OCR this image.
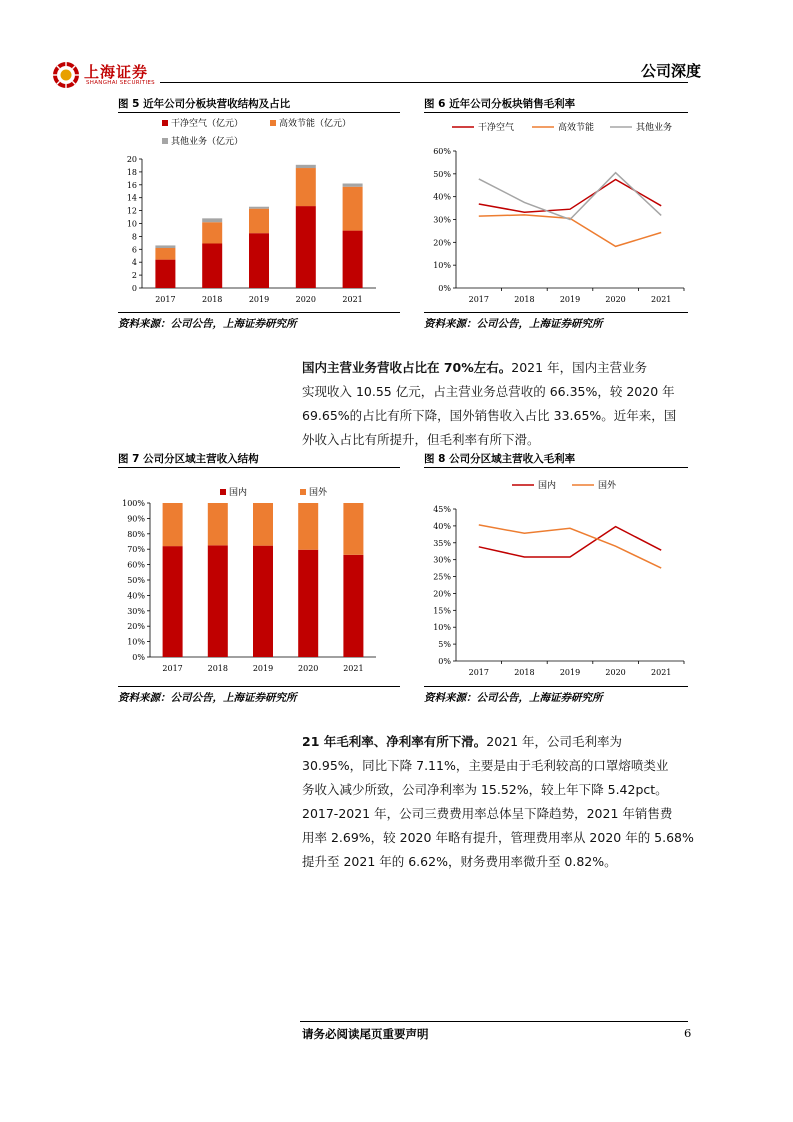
上海证券
SHANGHAI SECURITIES
公司深度
图 5 近年公司分板块营收结构及占比
0
2
4
6
8
10
12
14
16
18
20
2017	2018	2019	2020	2021
干净空气（亿元）	高效节能（亿元）
其他业务（亿元）
资料来源：公司公告，上海证券研究所
图 6 近年公司分板块销售毛利率
0%
10%
20%
30%
40%
50%
60%
2017	2018	2019	2020	2021
干净空气	高效节能	其他业务
资料来源：公司公告，上海证券研究所
国内主营业务营收占比在 70%左右。2021 年，国内主营业务
实现收入 10.55 亿元，占主营业务总营收的 66.35%，较 2020 年
69.65%的占比有所下降，国外销售收入占比 33.65%。近年来，国
外收入占比有所提升，但毛利率有所下滑。
图 7 公司分区域主营收入结构
0%
10%
20%
30%
40%
50%
60%
70%
80%
90%
100%
2017	2018	2019	2020	2021
国内	国外
资料来源：公司公告，上海证券研究所
图 8 公司分区域主营收入毛利率
0%
5%
10%
15%
20%
25%
30%
35%
40%
45%
2017	2018	2019	2020	2021
国内	国外
资料来源：公司公告，上海证券研究所
21 年毛利率、净利率有所下滑。2021 年，公司毛利率为
30.95%，同比下降 7.11%，主要是由于毛利较高的口罩熔喷类业
务收入减少所致，公司净利率为 15.52%，较上年下降 5.42pct。
2017-2021 年，公司三费费用率总体呈下降趋势，2021 年销售费
用率 2.69%，较 2020 年略有提升，管理费用率从 2020 年的 5.68%
提升至 2021 年的 6.62%，财务费用率微升至 0.82%。
请务必阅读尾页重要声明	6
